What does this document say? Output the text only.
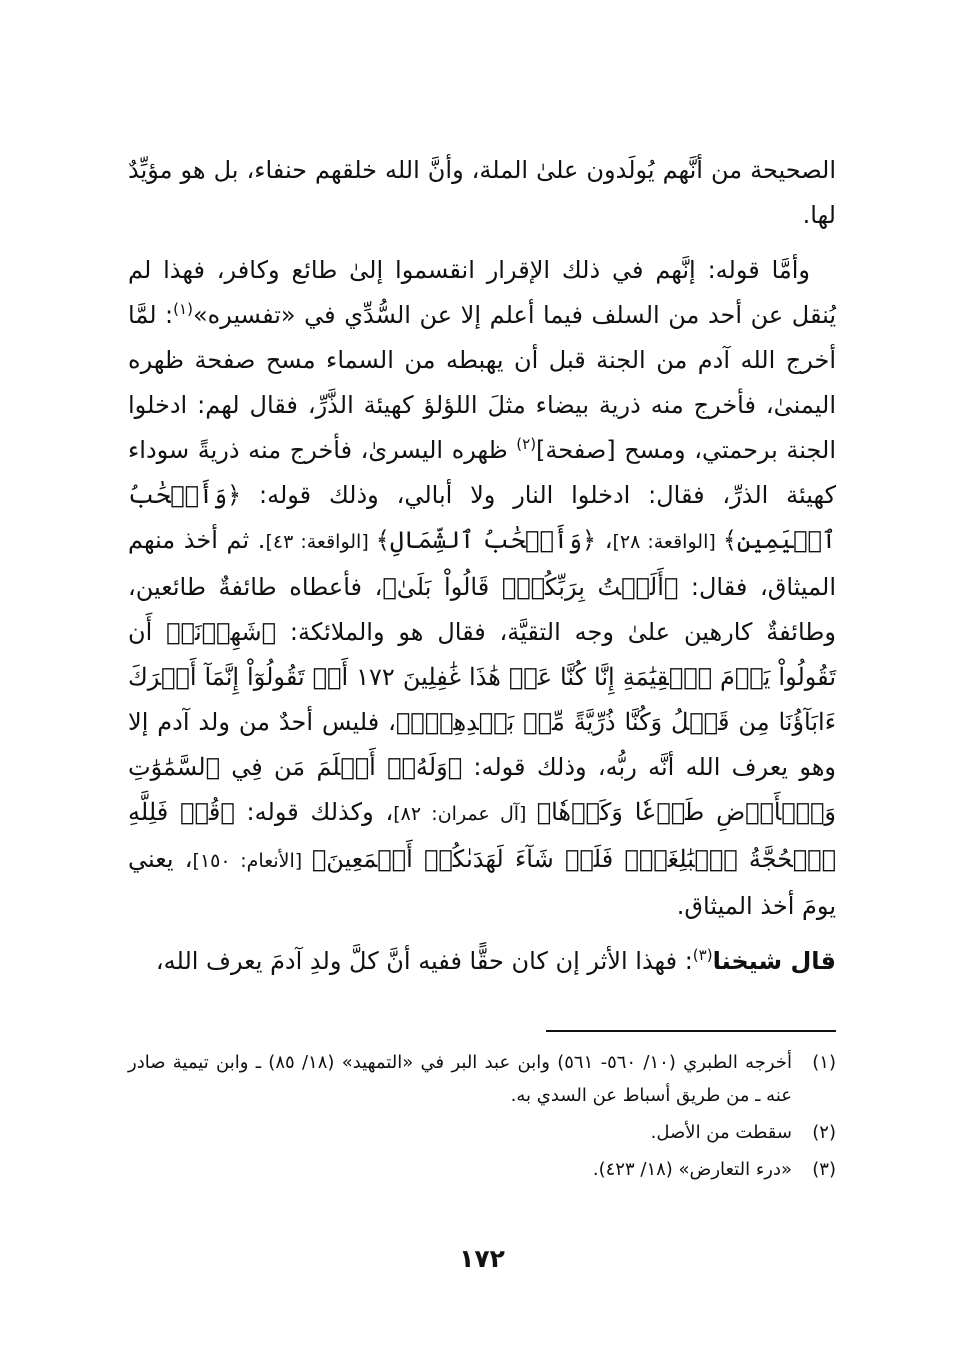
الصحيحة من أنَّهم يُولَدون علىٰ الملة، وأنَّ الله خلقهم حنفاء، بل هو مؤيِّدٌ لها.

وأمَّا قوله: إنَّهم في ذلك الإقرار انقسموا إلىٰ طائع وكافر، فهذا لم يُنقل عن أحد من السلف فيما أعلم إلا عن السُّدِّي في «تفسيره»$^{(١)}$: لمَّا أخرج الله آدم من الجنة قبل أن يهبطه من السماء مسح صفحة ظهره اليمنىٰ، فأخرج منه ذرية بيضاء مثلَ اللؤلؤ كهيئة الذَّرِّ، فقال لهم: ادخلوا الجنة برحمتي، ومسح [صفحة]$^{(٢)}$ ظهره اليسرىٰ، فأخرج منه ذريةً سوداء كهيئة الذرِّ، فقال: ادخلوا النار ولا أبالي، وذلك قوله: ﴿وَأَصۡحَٰبُ ٱلۡيَمِينِ﴾ [الواقعة: ٢٨]، ﴿وَأَصۡحَٰبُ ٱلشِّمَالِ﴾ [الواقعة: ٤٣]. ثم أخذ منهم الميثاق، فقال: ﴿أَلَسۡتُ بِرَبِّكُمۡۖ قَالُواْ بَلَىٰ﴾، فأعطاه طائفةٌ طائعين، وطائفةٌ كارهين علىٰ وجه التقيَّة، فقال هو والملائكة: ﴿شَهِدۡنَآۚ أَن تَقُولُواْ يَوۡمَ ٱلۡقِيَٰمَةِ إِنَّا كُنَّا عَنۡ هَٰذَا غَٰفِلِينَ ١٧٢ أَوۡ تَقُولُوٓاْ إِنَّمَآ أَشۡرَكَ ءَابَآؤُنَا مِن قَبۡلُ وَكُنَّا ذُرِّيَّةً مِّنۢ بَعۡدِهِمۡۖ﴾، فليس أحدٌ من ولد آدم إلا وهو يعرف الله أنَّه ربُّه، وذلك قوله: ﴿وَلَهُۥٓ أَسۡلَمَ مَن فِي ٱلسَّمَٰوَٰتِ وَٱلۡأَرۡضِ طَوۡعٗا وَكَرۡهٗا﴾ [آل عمران: ٨٢]، وكذلك قوله: ﴿قُلۡ فَلِلَّهِ ٱلۡحُجَّةُ ٱلۡبَٰلِغَةُۖ فَلَوۡ شَآءَ لَهَدَىٰكُمۡ أَجۡمَعِينَ﴾ [الأنعام: ١٥٠]، يعني يومَ أخذ الميثاق.

قال شيخنا$^{(٣)}$: فهذا الأثر إن كان حقًّا ففيه أنَّ كلَّ ولدِ آدمَ يعرف الله،

(١)
أخرجه الطبري (١٠/ ٥٦٠- ٥٦١) وابن عبد البر في «التمهيد» (١٨/ ٨٥) ـ وابن تيمية صادر عنه ـ من طريق أسباط عن السدي به.

(٢)
سقطت من الأصل.

(٣)
«درء التعارض» (١٨/ ٤٢٣).

١٧٢
